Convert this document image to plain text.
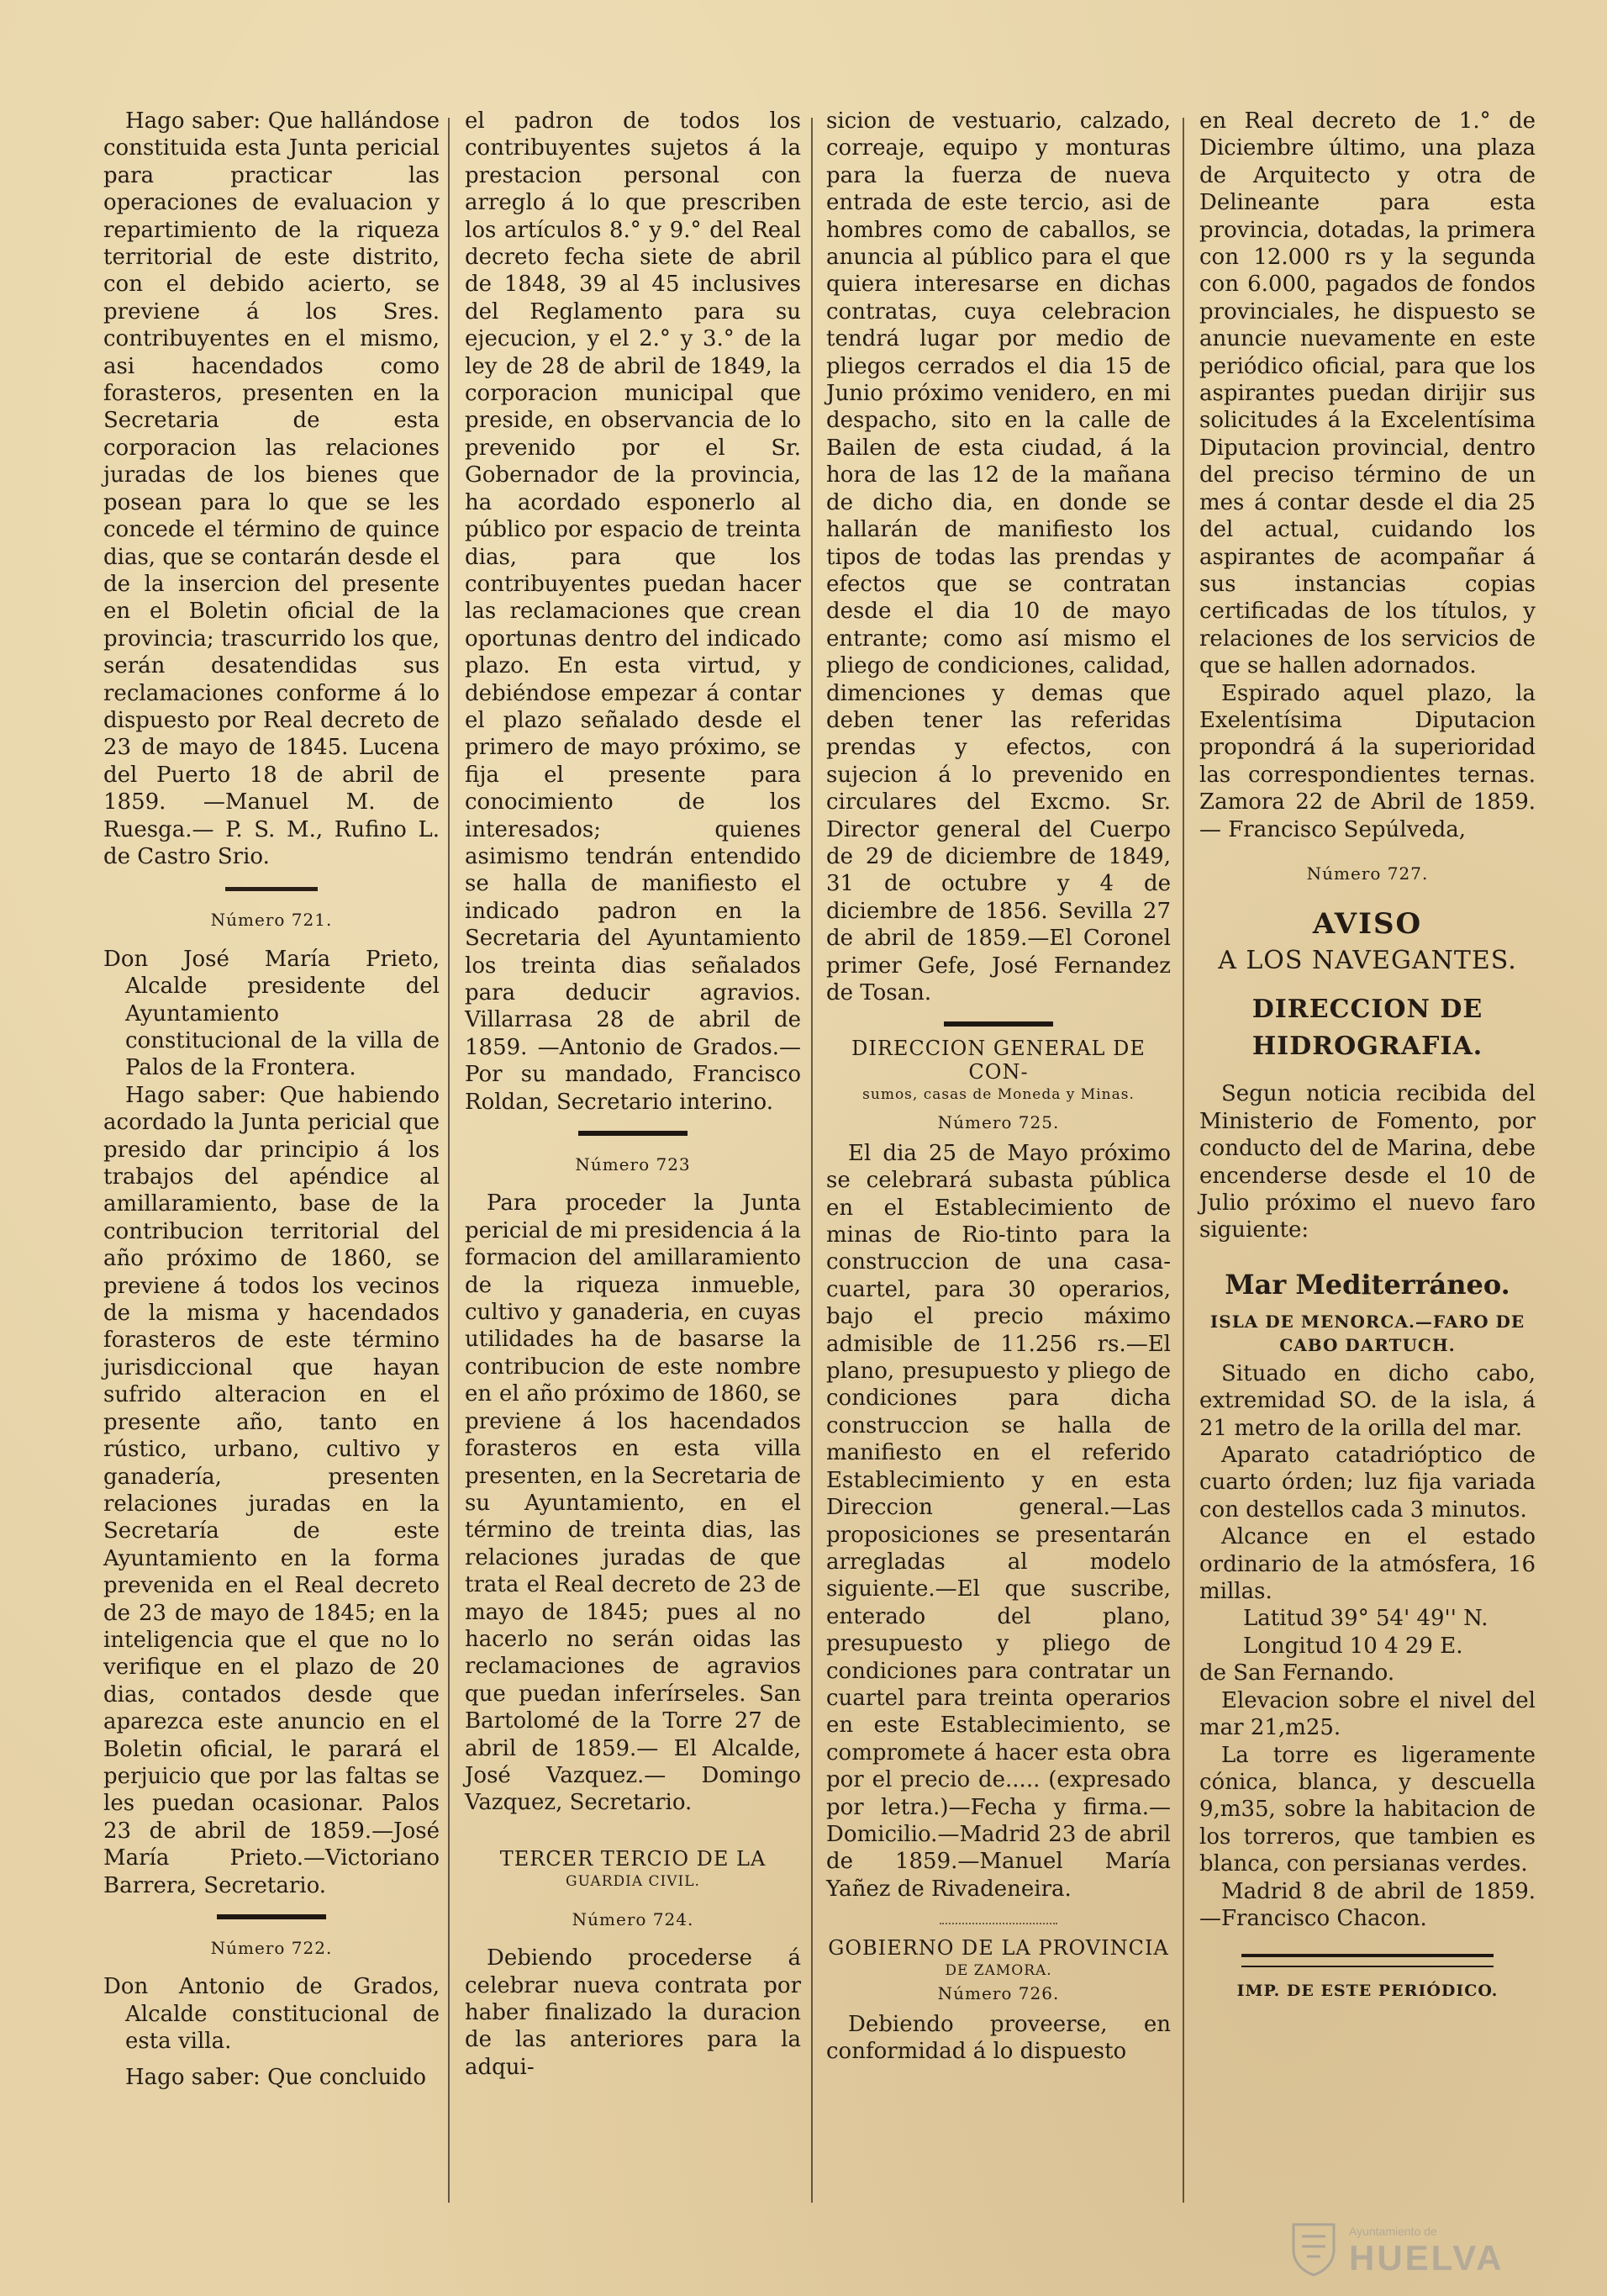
Hago saber: Que hallándose constituida esta Junta pericial para practicar las operaciones de evaluacion y repartimiento de la riqueza territorial de este distrito, con el debido acierto, se previene á los Sres. contribuyentes en el mismo, asi hacendados como forasteros, presenten en la Secretaria de esta corporacion las relaciones juradas de los bienes que posean para lo que se les concede el término de quince dias, que se contarán desde el de la insercion del presente en el Boletin oficial de la provincia; trascurrido los que, serán desatendidas sus reclamaciones conforme á lo dispuesto por Real decreto de 23 de mayo de 1845. Lucena del Puerto 18 de abril de 1859. —Manuel M. de Ruesga.— P. S. M., Rufino L. de Castro Srio.

Número 721.

Don José María Prieto, Alcalde presidente del Ayuntamiento constitucional de la villa de Palos de la Frontera.

Hago saber: Que habiendo acordado la Junta pericial que presido dar principio á los trabajos del apéndice al amillaramiento, base de la contribucion territorial del año próximo de 1860, se previene á todos los vecinos de la misma y hacendados forasteros de este término jurisdiccional que hayan sufrido alteracion en el presente año, tanto en rústico, urbano, cultivo y ganadería, presenten relaciones juradas en la Secretaría de este Ayuntamiento en la forma prevenida en el Real decreto de 23 de mayo de 1845; en la inteligencia que el que no lo verifique en el plazo de 20 dias, contados desde que aparezca este anuncio en el Boletin oficial, le parará el perjuicio que por las faltas se les puedan ocasionar. Palos 23 de abril de 1859.—José María Prieto.—Victoriano Barrera, Secretario.

Número 722.

Don Antonio de Grados, Alcalde constitucional de esta villa.

Hago saber: Que concluido

el padron de todos los contribuyentes sujetos á la prestacion personal con arreglo á lo que prescriben los artículos 8.° y 9.° del Real decreto fecha siete de abril de 1848, 39 al 45 inclusives del Reglamento para su ejecucion, y el 2.° y 3.° de la ley de 28 de abril de 1849, la corporacion municipal que preside, en observancia de lo prevenido por el Sr. Gobernador de la provincia, ha acordado esponerlo al público por espacio de treinta dias, para que los contribuyentes puedan hacer las reclamaciones que crean oportunas dentro del indicado plazo. En esta virtud, y debiéndose empezar á contar el plazo señalado desde el primero de mayo próximo, se fija el presente para conocimiento de los interesados; quienes asimismo tendrán entendido se halla de manifiesto el indicado padron en la Secretaria del Ayuntamiento los treinta dias señalados para deducir agravios. Villarrasa 28 de abril de 1859. —Antonio de Grados.—Por su mandado, Francisco Roldan, Secretario interino.

Número 723

Para proceder la Junta pericial de mi presidencia á la formacion del amillaramiento de la riqueza inmueble, cultivo y ganaderia, en cuyas utilidades ha de basarse la contribucion de este nombre en el año próximo de 1860, se previene á los hacendados forasteros en esta villa presenten, en la Secretaria de su Ayuntamiento, en el término de treinta dias, las relaciones juradas de que trata el Real decreto de 23 de mayo de 1845; pues al no hacerlo no serán oidas las reclamaciones de agravios que puedan inferírseles. San Bartolomé de la Torre 27 de abril de 1859.— El Alcalde, José Vazquez.— Domingo Vazquez, Secretario.

TERCER TERCIO DE LA

GUARDIA CIVIL.

Número 724.

Debiendo procederse á celebrar nueva contrata por haber finalizado la duracion de las anteriores para la adqui-

sicion de vestuario, calzado, correaje, equipo y monturas para la fuerza de nueva entrada de este tercio, asi de hombres como de caballos, se anuncia al público para el que quiera interesarse en dichas contratas, cuya celebracion tendrá lugar por medio de pliegos cerrados el dia 15 de Junio próximo venidero, en mi despacho, sito en la calle de Bailen de esta ciudad, á la hora de las 12 de la mañana de dicho dia, en donde se hallarán de manifiesto los tipos de todas las prendas y efectos que se contratan desde el dia 10 de mayo entrante; como así mismo el pliego de condiciones, calidad, dimenciones y demas que deben tener las referidas prendas y efectos, con sujecion á lo prevenido en circulares del Excmo. Sr. Director general del Cuerpo de 29 de diciembre de 1849, 31 de octubre y 4 de diciembre de 1856. Sevilla 27 de abril de 1859.—El Coronel primer Gefe, José Fernandez de Tosan.

DIRECCION GENERAL DE CON-

sumos, casas de Moneda y Minas.

Número 725.

El dia 25 de Mayo próximo se celebrará subasta pública en el Establecimiento de minas de Rio-tinto para la construccion de una casa-cuartel, para 30 operarios, bajo el precio máximo admisible de 11.256 rs.—El plano, presupuesto y pliego de condiciones para dicha construccion se halla de manifiesto en el referido Establecimiento y en esta Direccion general.—Las proposiciones se presentarán arregladas al modelo siguiente.—El que suscribe, enterado del plano, presupuesto y pliego de condiciones para contratar un cuartel para treinta operarios en este Establecimiento, se compromete á hacer esta obra por el precio de..... (expresado por letra.)—Fecha y firma.—Domicilio.—Madrid 23 de abril de 1859.—Manuel María Yañez de Rivadeneira.

GOBIERNO DE LA PROVINCIA

DE ZAMORA.

Número 726.

Debiendo proveerse, en conformidad á lo dispuesto

en Real decreto de 1.° de Diciembre último, una plaza de Arquitecto y otra de Delineante para esta provincia, dotadas, la primera con 12.000 rs y la segunda con 6.000, pagados de fondos provinciales, he dispuesto se anuncie nuevamente en este periódico oficial, para que los aspirantes puedan dirijir sus solicitudes á la Excelentísima Diputacion provincial, dentro del preciso término de un mes á contar desde el dia 25 del actual, cuidando los aspirantes de acompañar á sus instancias copias certificadas de los títulos, y relaciones de los servicios de que se hallen adornados.

Espirado aquel plazo, la Exelentísima Diputacion propondrá á la superioridad las correspondientes ternas. Zamora 22 de Abril de 1859.— Francisco Sepúlveda,

Número 727.

AVISO

A LOS NAVEGANTES.

DIRECCION DE HIDROGRAFIA.

Segun noticia recibida del Ministerio de Fomento, por conducto del de Marina, debe encenderse desde el 10 de Julio próximo el nuevo faro siguiente:

Mar Mediterráneo.

ISLA DE MENORCA.—FARO DE CABO DARTUCH.

Situado en dicho cabo, extremidad SO. de la isla, á 21 metro de la orilla del mar.

Aparato catadrióptico de cuarto órden; luz fija variada con destellos cada 3 minutos.

Alcance en el estado ordinario de la atmósfera, 16 millas.

Latitud 39° 54' 49'' N.

Longitud 10 4 29 E.

de San Fernando.

Elevacion sobre el nivel del mar 21,m25.

La torre es ligeramente cónica, blanca, y descuella 9,m35, sobre la habitacion de los torreros, que tambien es blanca, con persianas verdes.

Madrid 8 de abril de 1859. —Francisco Chacon.

IMP. DE ESTE PERIÓDICO.

Ayuntamiento de
HUELVA
